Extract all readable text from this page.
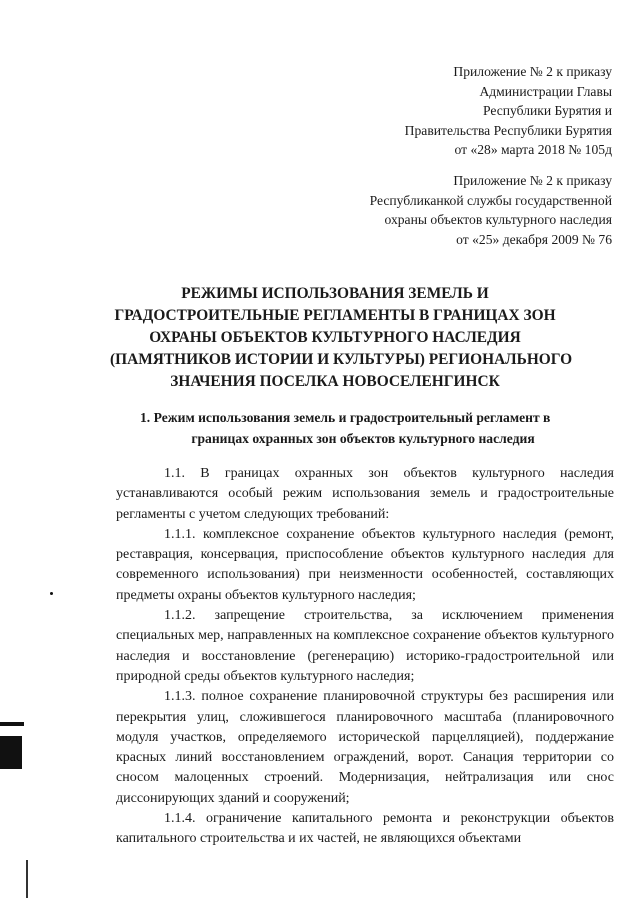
Приложение № 2 к приказу
Администрации Главы
Республики Бурятия и
Правительства Республики Бурятия
от «28» марта 2018 № 105д
Приложение № 2 к приказу
Республиканкой службы государственной
охраны объектов культурного наследия
от «25» декабря 2009 № 76
РЕЖИМЫ ИСПОЛЬЗОВАНИЯ ЗЕМЕЛЬ И
ГРАДОСТРОИТЕЛЬНЫЕ РЕГЛАМЕНТЫ В ГРАНИЦАХ ЗОН
ОХРАНЫ ОБЪЕКТОВ КУЛЬТУРНОГО НАСЛЕДИЯ
(ПАМЯТНИКОВ ИСТОРИИ И КУЛЬТУРЫ) РЕГИОНАЛЬНОГО
ЗНАЧЕНИЯ ПОСЕЛКА НОВОСЕЛЕНГИНСК
1. Режим использования земель и градостроительный регламент в
границах охранных зон объектов культурного наследия

1.1. В границах охранных зон объектов культурного наследия устанавливаются особый режим использования земель и градостроительные регламенты с учетом следующих требований:

1.1.1. комплексное сохранение объектов культурного наследия (ремонт, реставрация, консервация, приспособление объектов культурного наследия для современного использования) при неизменности особенностей, составляющих предметы охраны объектов культурного наследия;

1.1.2. запрещение строительства, за исключением применения специальных мер, направленных на комплексное сохранение объектов культурного наследия и восстановление (регенерацию) историко-градостроительной или природной среды объектов культурного наследия;

1.1.3. полное сохранение планировочной структуры без расширения или перекрытия улиц, сложившегося планировочного масштаба (планировочного модуля участков, определяемого исторической парцелляцией), поддержание красных линий восстановлением ограждений, ворот. Санация территории со сносом малоценных строений. Модернизация, нейтрализация или снос диссонирующих зданий и сооружений;

1.1.4. ограничение капитального ремонта и реконструкции объектов капитального строительства и их частей, не являющихся объектами
